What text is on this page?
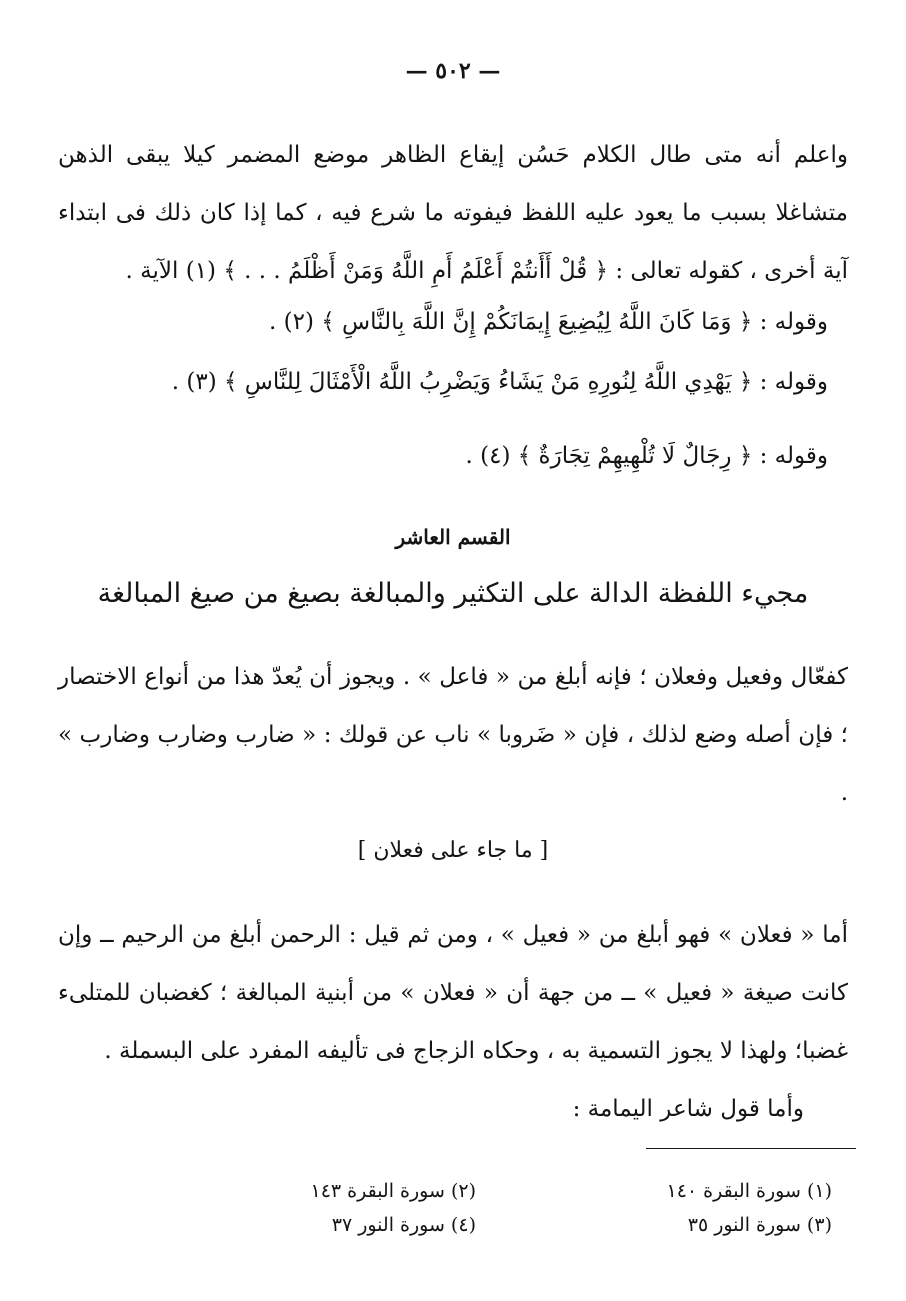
— ٥٠٢ —

واعلم أنه متى طال الكلام حَسُن إيقاع الظاهر موضع المضمر كيلا يبقى الذهن متشاغلا بسبب ما يعود عليه اللفظ فيفوته ما شرع فيه ، كما إذا كان ذلك فى ابتداء آية أخرى ، كقوله تعالى : ﴿ قُلْ أَأَنتُمْ أَعْلَمُ أَمِ اللَّهُ وَمَنْ أَظْلَمُ . . . ﴾ (١) الآية .

وقوله : ﴿ وَمَا كَانَ اللَّهُ لِيُضِيعَ إِيمَانَكُمْ إِنَّ اللَّهَ بِالنَّاسِ ﴾ (٢) .
وقوله : ﴿ يَهْدِي اللَّهُ لِنُورِهِ مَنْ يَشَاءُ وَيَضْرِبُ اللَّهُ الْأَمْثَالَ لِلنَّاسِ ﴾ (٣) .
وقوله : ﴿ رِجَالٌ لَا تُلْهِيهِمْ تِجَارَةٌ ﴾ (٤) .
القسم العاشر
مجيء اللفظة الدالة على التكثير والمبالغة بصيغ من صيغ المبالغة

كفعّال وفعيل وفعلان ؛ فإنه أبلغ من « فاعل » . ويجوز أن يُعدّ هذا من أنواع الاختصار ؛ فإن أصله وضع لذلك ، فإن « ضَروبا » ناب عن قولك : « ضارب وضارب وضارب » .

[ ما جاء على فعلان ]

أما « فعلان » فهو أبلغ من « فعيل » ، ومن ثم قيل : الرحمن أبلغ من الرحيم ــ وإن كانت صيغة « فعيل » ــ من جهة أن « فعلان » من أبنية المبالغة ؛ كغضبان للمتلىء غضبا؛ ولهذا لا يجوز التسمية به ، وحكاه الزجاج فى تأليفه المفرد على البسملة .

وأما قول شاعر اليمامة :

(١) سورة البقرة ١٤٠
(٢) سورة البقرة ١٤٣
(٣) سورة النور ٣٥
(٤) سورة النور ٣٧
